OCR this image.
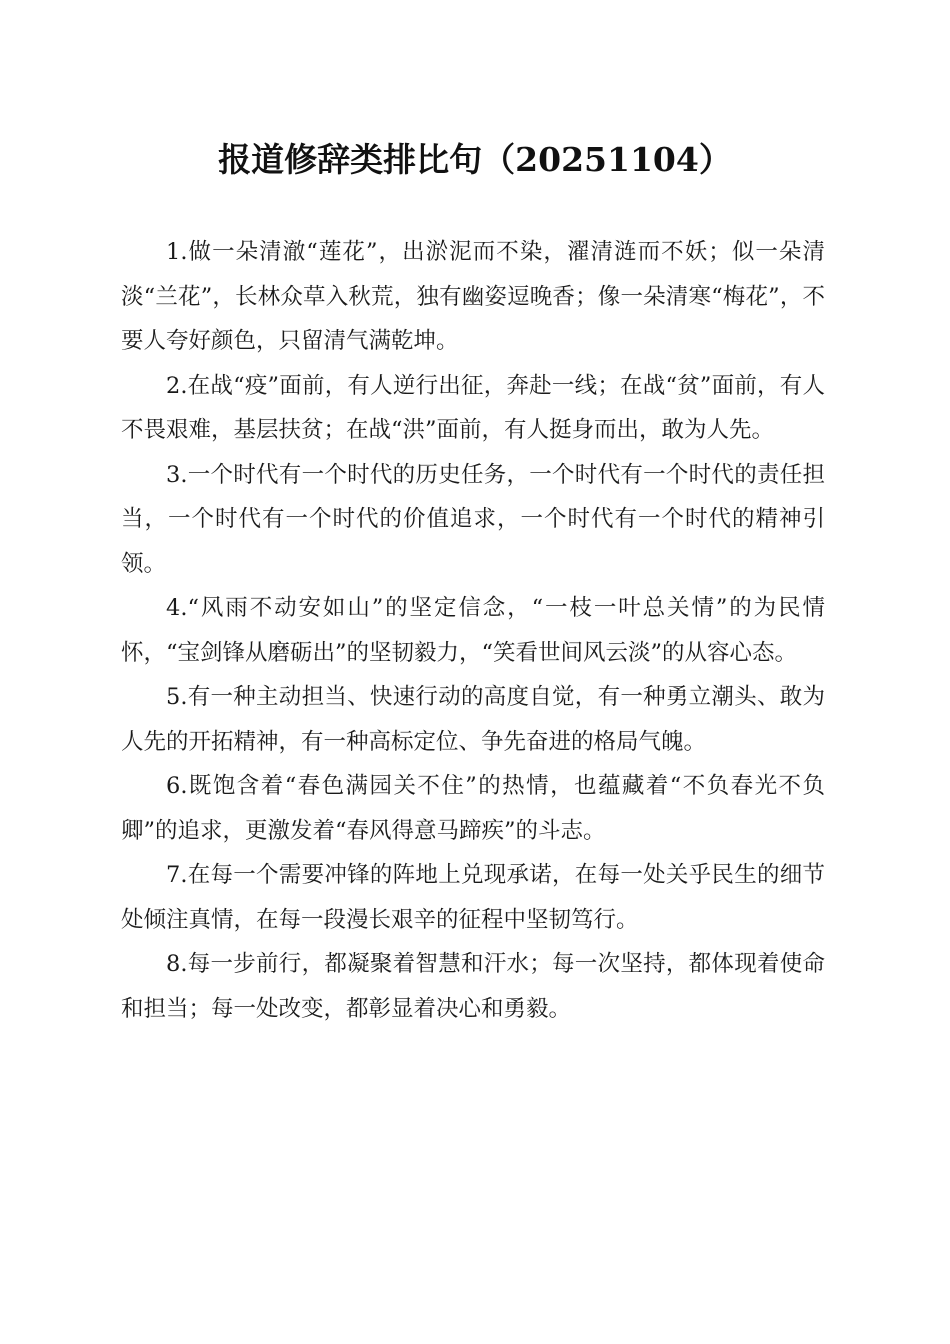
报道修辞类排比句（20251104）

1.做一朵清澈“莲花”，出淤泥而不染，濯清涟而不妖；似一朵清淡“兰花”，长林众草入秋荒，独有幽姿逗晚香；像一朵清寒“梅花”，不要人夸好颜色，只留清气满乾坤。

2.在战“疫”面前，有人逆行出征，奔赴一线；在战“贫”面前，有人不畏艰难，基层扶贫；在战“洪”面前，有人挺身而出，敢为人先。

3.一个时代有一个时代的历史任务，一个时代有一个时代的责任担当，一个时代有一个时代的价值追求，一个时代有一个时代的精神引领。

4.“风雨不动安如山”的坚定信念，“一枝一叶总关情”的为民情怀，“宝剑锋从磨砺出”的坚韧毅力，“笑看世间风云淡”的从容心态。

5.有一种主动担当、快速行动的高度自觉，有一种勇立潮头、敢为人先的开拓精神，有一种高标定位、争先奋进的格局气魄。

6.既饱含着“春色满园关不住”的热情，也蕴藏着“不负春光不负卿”的追求，更激发着“春风得意马蹄疾”的斗志。

7.在每一个需要冲锋的阵地上兑现承诺，在每一处关乎民生的细节处倾注真情，在每一段漫长艰辛的征程中坚韧笃行。

8.每一步前行，都凝聚着智慧和汗水；每一次坚持，都体现着使命和担当；每一处改变，都彰显着决心和勇毅。
